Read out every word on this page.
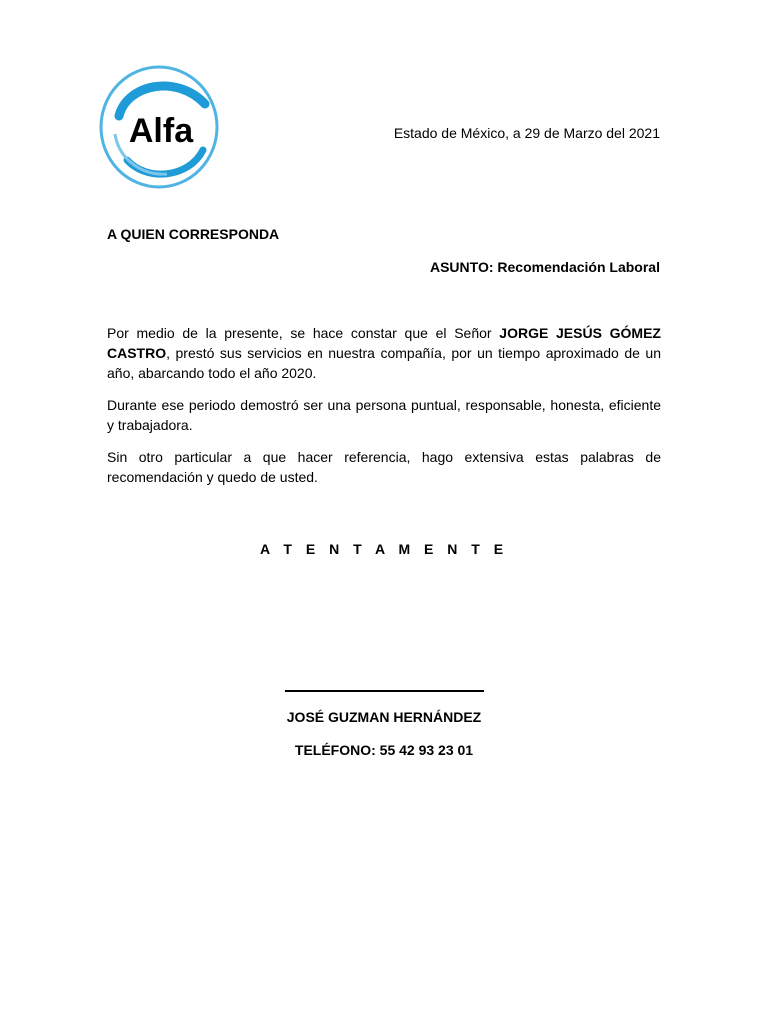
Alfa	Estado de México, a 29 de Marzo del 2021
A QUIEN CORRESPONDA
ASUNTO: Recomendación Laboral

Por medio de la presente, se hace constar que el Señor JORGE JESÚS GÓMEZ CASTRO, prestó sus servicios en nuestra compañía, por un tiempo aproximado de un año, abarcando todo el año 2020.

Durante ese periodo demostró ser una persona puntual, responsable, honesta, eficiente y trabajadora.

Sin otro particular a que hacer referencia, hago extensiva estas palabras de recomendación y quedo de usted.

A T E N T A M E N T E
JOSÉ GUZMAN HERNÁNDEZ
TELÉFONO: 55 42 93 23 01
